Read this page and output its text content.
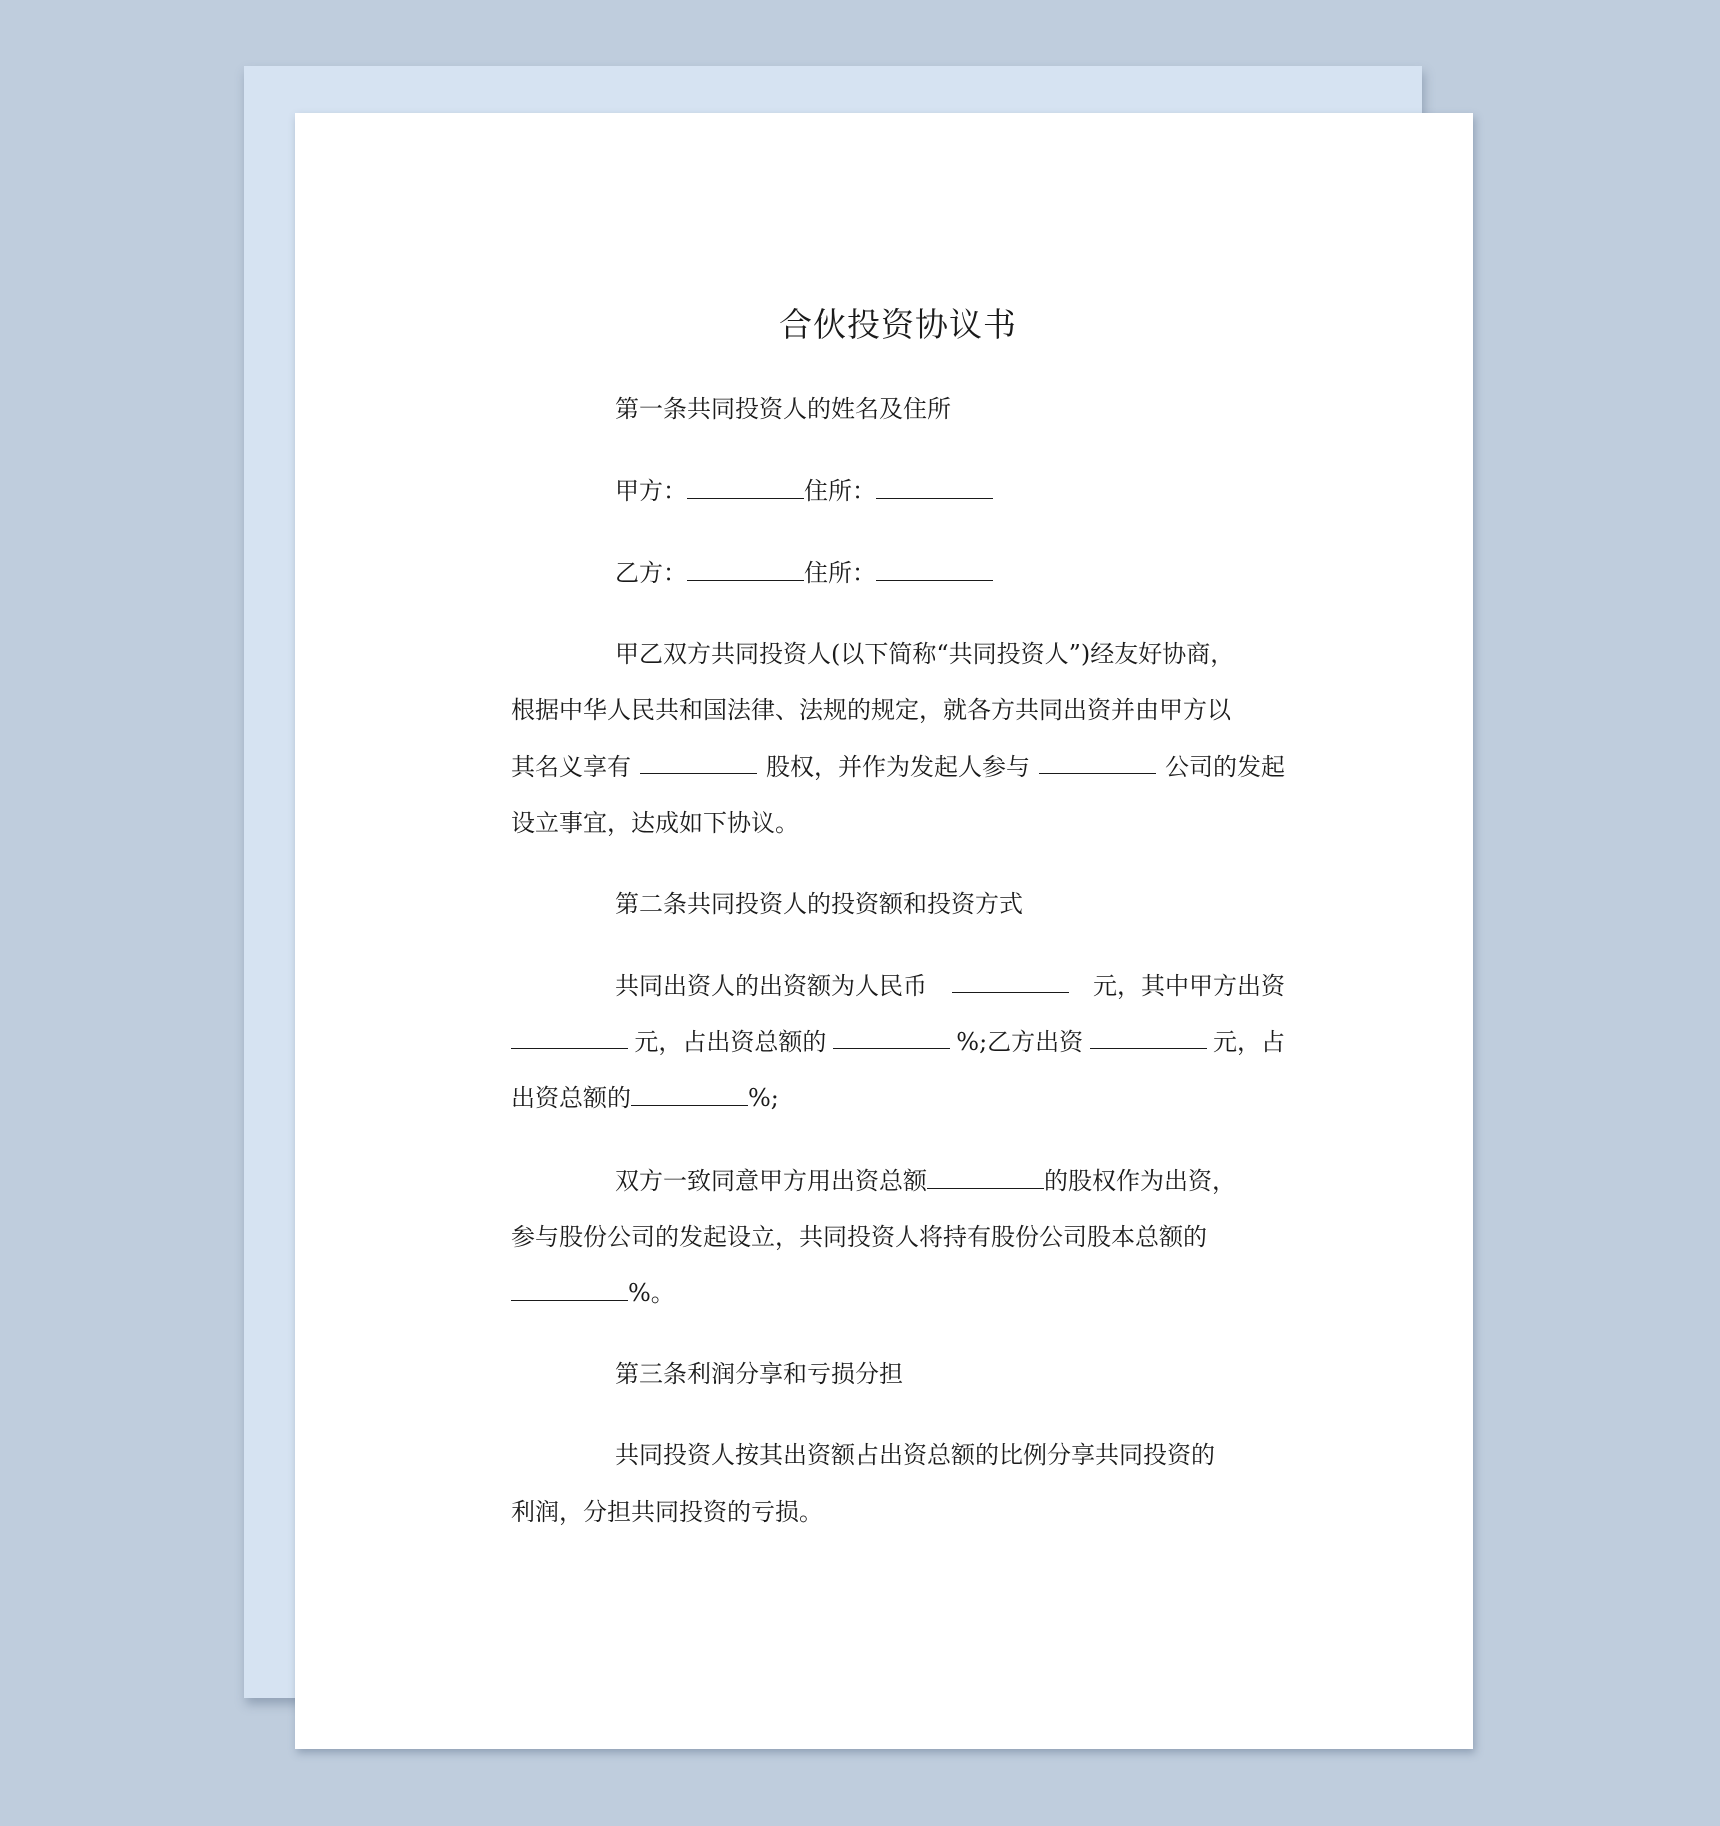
合伙投资协议书
第一条共同投资人的姓名及住所
甲方：	住所：
乙方：	住所：
甲乙双方共同投资人(以下简称“共同投资人”)经友好协商，
根据中华人民共和国法律、法规的规定，就各方共同出资并由甲方以
其名义享有	股权，并作为发起人参与	公司的发起
设立事宜，达成如下协议。
第二条共同投资人的投资额和投资方式
共同出资人的出资额为人民币	元，其中甲方出资
元，占出资总额的	%;乙方出资	元，占
出资总额的	%;
双方一致同意甲方用出资总额	的股权作为出资，
参与股份公司的发起设立，共同投资人将持有股份公司股本总额的
%。
第三条利润分享和亏损分担
共同投资人按其出资额占出资总额的比例分享共同投资的
利润，分担共同投资的亏损。
